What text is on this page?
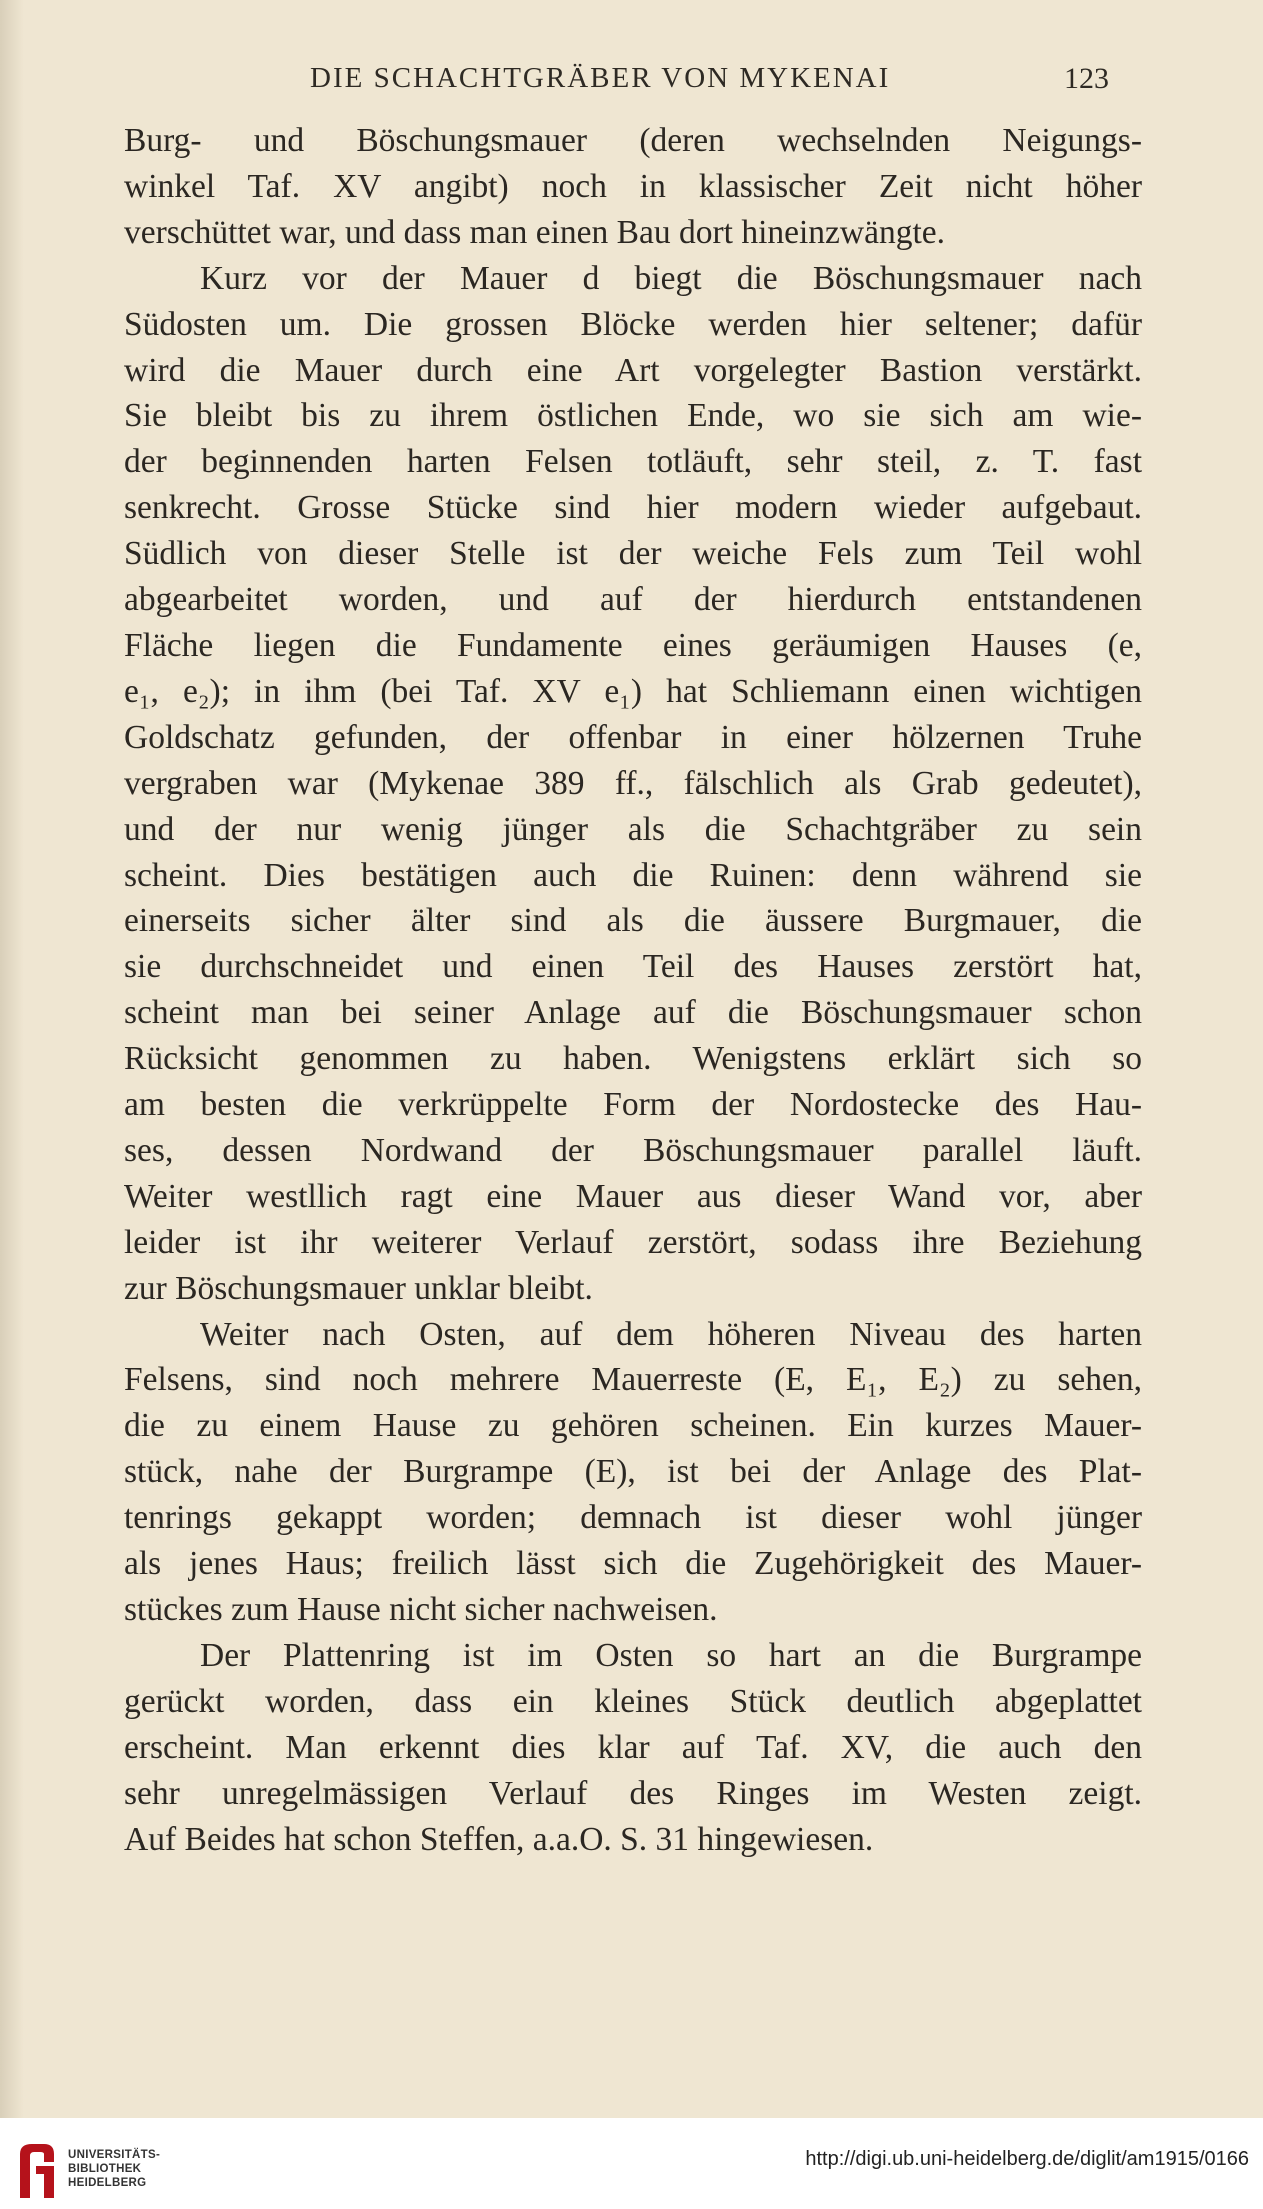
DIE SCHACHTGRÄBER VON MYKENAI	123

Burg- und Böschungsmauer (deren wechselnden Neigungs-
winkel Taf. XV angibt) noch in klassischer Zeit nicht höher
verschüttet war, und dass man einen Bau dort hineinzwängte.

Kurz vor der Mauer d biegt die Böschungsmauer nach
Südosten um. Die grossen Blöcke werden hier seltener; dafür
wird die Mauer durch eine Art vorgelegter Bastion verstärkt.
Sie bleibt bis zu ihrem östlichen Ende, wo sie sich am wie-
der beginnenden harten Felsen totläuft, sehr steil, z. T. fast
senkrecht. Grosse Stücke sind hier modern wieder aufgebaut.
Südlich von dieser Stelle ist der weiche Fels zum Teil wohl
abgearbeitet worden, und auf der hierdurch entstandenen
Fläche liegen die Fundamente eines geräumigen Hauses (e,
e₁, e₂); in ihm (bei Taf. XV e₁) hat Schliemann einen wichtigen
Goldschatz gefunden, der offenbar in einer hölzernen Truhe
vergraben war (Mykenae 389 ff., fälschlich als Grab gedeutet),
und der nur wenig jünger als die Schachtgräber zu sein
scheint. Dies bestätigen auch die Ruinen: denn während sie
einerseits sicher älter sind als die äussere Burgmauer, die
sie durchschneidet und einen Teil des Hauses zerstört hat,
scheint man bei seiner Anlage auf die Böschungsmauer schon
Rücksicht genommen zu haben. Wenigstens erklärt sich so
am besten die verkrüppelte Form der Nordostecke des Hau-
ses, dessen Nordwand der Böschungsmauer parallel läuft.
Weiter westllich ragt eine Mauer aus dieser Wand vor, aber
leider ist ihr weiterer Verlauf zerstört, sodass ihre Beziehung
zur Böschungsmauer unklar bleibt.

Weiter nach Osten, auf dem höheren Niveau des harten
Felsens, sind noch mehrere Mauerreste (E, E₁, E₂) zu sehen,
die zu einem Hause zu gehören scheinen. Ein kurzes Mauer-
stück, nahe der Burgrampe (E), ist bei der Anlage des Plat-
tenrings gekappt worden; demnach ist dieser wohl jünger
als jenes Haus; freilich lässt sich die Zugehörigkeit des Mauer-
stückes zum Hause nicht sicher nachweisen.

Der Plattenring ist im Osten so hart an die Burgrampe
gerückt worden, dass ein kleines Stück deutlich abgeplattet
erscheint. Man erkennt dies klar auf Taf. XV, die auch den
sehr unregelmässigen Verlauf des Ringes im Westen zeigt.
Auf Beides hat schon Steffen, a.a.O. S. 31 hingewiesen.

UNIVERSITÄTS-
BIBLIOTHEK
HEIDELBERG
http://digi.ub.uni-heidelberg.de/diglit/am1915/0166
